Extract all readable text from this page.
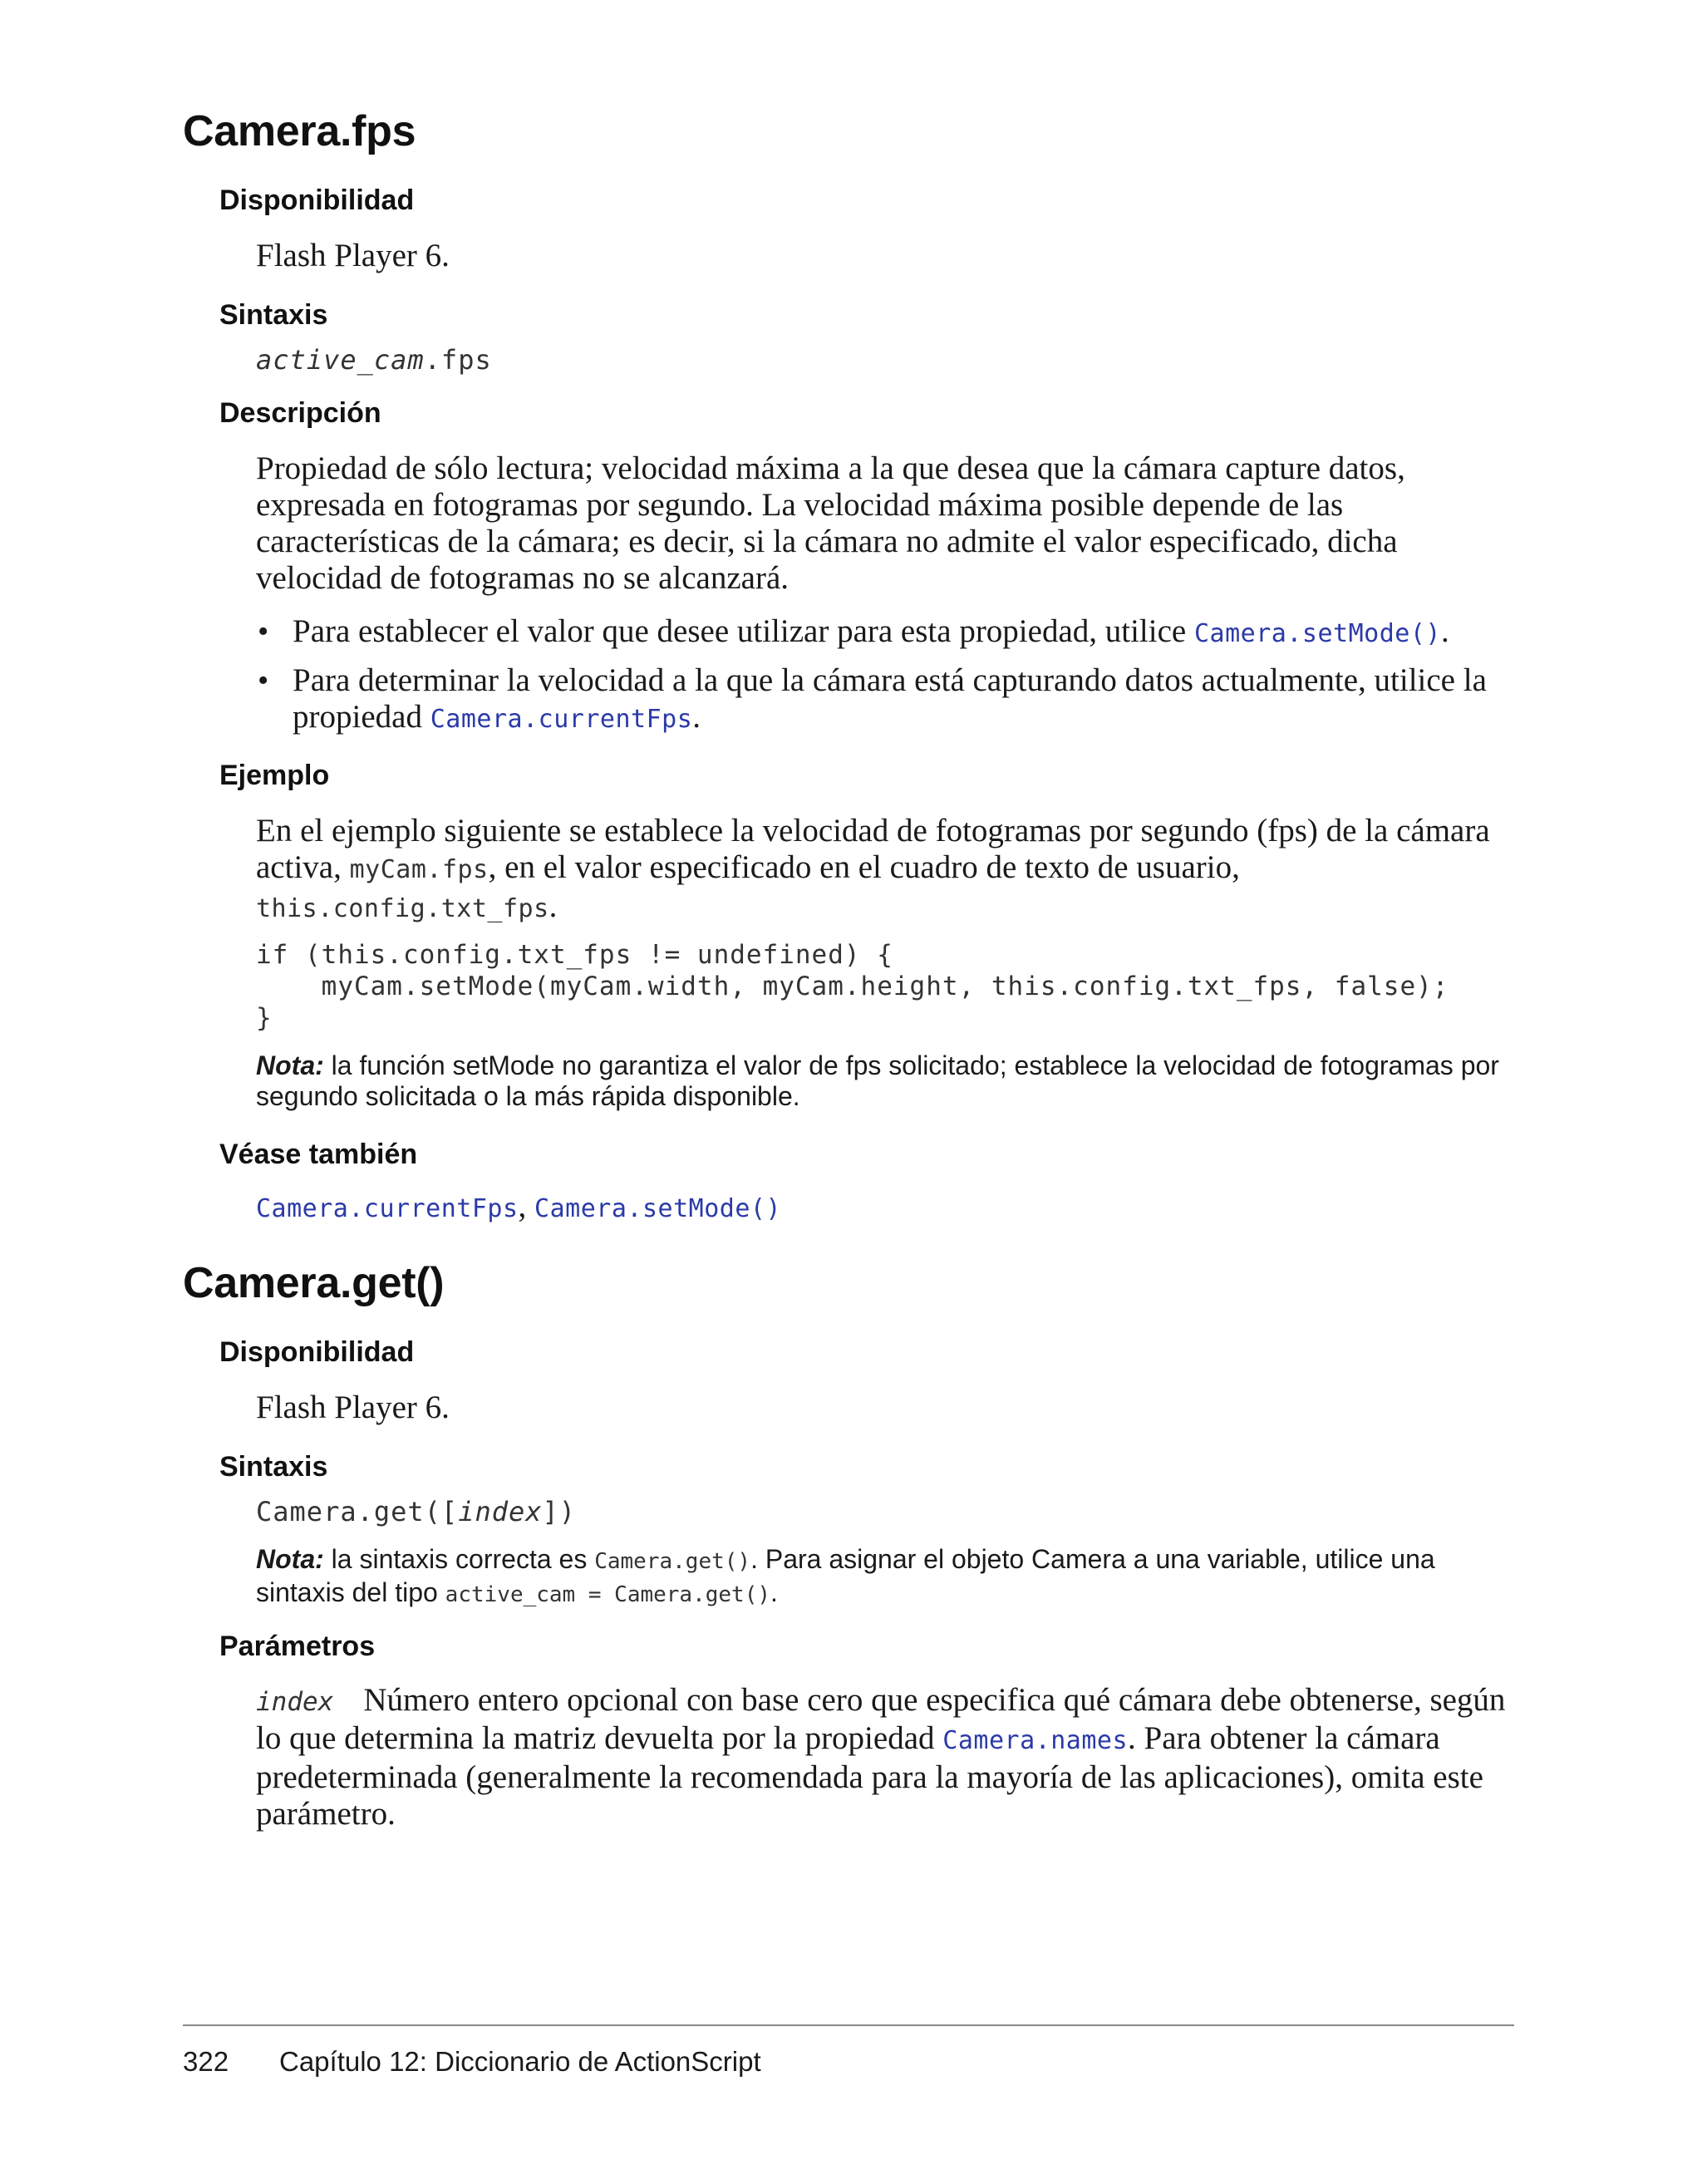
Camera.fps
Disponibilidad

Flash Player 6.

Sintaxis

active_cam.fps

Descripción

Propiedad de sólo lectura; velocidad máxima a la que desea que la cámara capture datos, expresada en fotogramas por segundo. La velocidad máxima posible depende de las características de la cámara; es decir, si la cámara no admite el valor especificado, dicha velocidad de fotogramas no se alcanzará.

• Para establecer el valor que desee utilizar para esta propiedad, utilice Camera.setMode().
• Para determinar la velocidad a la que la cámara está capturando datos actualmente, utilice la propiedad Camera.currentFps.
Ejemplo

En el ejemplo siguiente se establece la velocidad de fotogramas por segundo (fps) de la cámara activa, myCam.fps, en el valor especificado en el cuadro de texto de usuario,
this.config.txt_fps.

if (this.config.txt_fps != undefined) {
myCam.setMode(myCam.width, myCam.height, this.config.txt_fps, false);
}

Nota: la función setMode no garantiza el valor de fps solicitado; establece la velocidad de fotogramas por segundo solicitada o la más rápida disponible.

Véase también

Camera.currentFps, Camera.setMode()

Camera.get()
Disponibilidad

Flash Player 6.

Sintaxis

Camera.get([index])

Nota: la sintaxis correcta es Camera.get(). Para asignar el objeto Camera a una variable, utilice una sintaxis del tipo active_cam = Camera.get().

Parámetros

index Número entero opcional con base cero que especifica qué cámara debe obtenerse, según lo que determina la matriz devuelta por la propiedad Camera.names. Para obtener la cámara predeterminada (generalmente la recomendada para la mayoría de las aplicaciones), omita este parámetro.

322 Capítulo 12: Diccionario de ActionScript
